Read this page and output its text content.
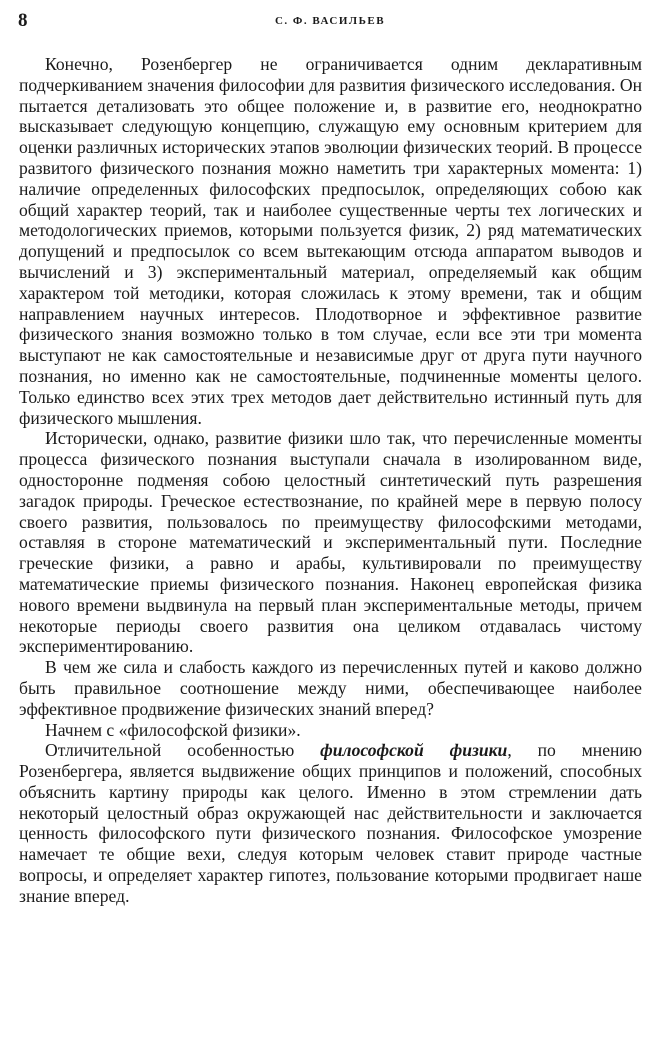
8	С. Ф. ВАСИЛЬЕВ

Конечно, Розенбергер не ограничивается одним декларативным подчеркиванием значения философии для развития физического исследования. Он пытается детализовать это общее положение и, в развитие его, неоднократно высказывает следующую концепцию, служащую ему основным критерием для оценки различных исторических этапов эволюции физических теорий. В процессе развитого физического познания можно наметить три характерных момента: 1) наличие определенных философских предпосылок, определяющих собою как общий характер теорий, так и наиболее существенные черты тех логических и методологических приемов, которыми пользуется физик, 2) ряд математических допущений и предпосылок со всем вытекающим отсюда аппаратом выводов и вычислений и 3) экспериментальный материал, определяемый как общим характером той методики, которая сложилась к этому времени, так и общим направлением научных интересов. Плодотворное и эффективное развитие физического знания возможно только в том случае, если все эти три момента выступают не как самостоятельные и независимые друг от друга пути научного познания, но именно как не самостоятельные, подчиненные моменты целого. Только единство всех этих трех методов дает действительно истинный путь для физического мышления.

Исторически, однако, развитие физики шло так, что перечисленные моменты процесса физического познания выступали сначала в изолированном виде, односторонне подменяя собою целостный синтетический путь разрешения загадок природы. Греческое естествознание, по крайней мере в первую полосу своего развития, пользовалось по преимуществу философскими методами, оставляя в стороне математический и экспериментальный пути. Последние греческие физики, а равно и арабы, культивировали по преимуществу математические приемы физического познания. Наконец европейская физика нового времени выдвинула на первый план экспериментальные методы, причем некоторые периоды своего развития она целиком отдавалась чистому экспериментированию.

В чем же сила и слабость каждого из перечисленных путей и каково должно быть правильное соотношение между ними, обеспечивающее наиболее эффективное продвижение физических знаний вперед?

Начнем с «философской физики».

Отличительной особенностью философской физики, по мнению Розенбергера, является выдвижение общих принципов и положений, способных объяснить картину природы как целого. Именно в этом стремлении дать некоторый целостный образ окружающей нас действительности и заключается ценность философского пути физического познания. Философское умозрение намечает те общие вехи, следуя которым человек ставит природе частные вопросы, и определяет характер гипотез, пользование которыми продвигает наше знание вперед.
